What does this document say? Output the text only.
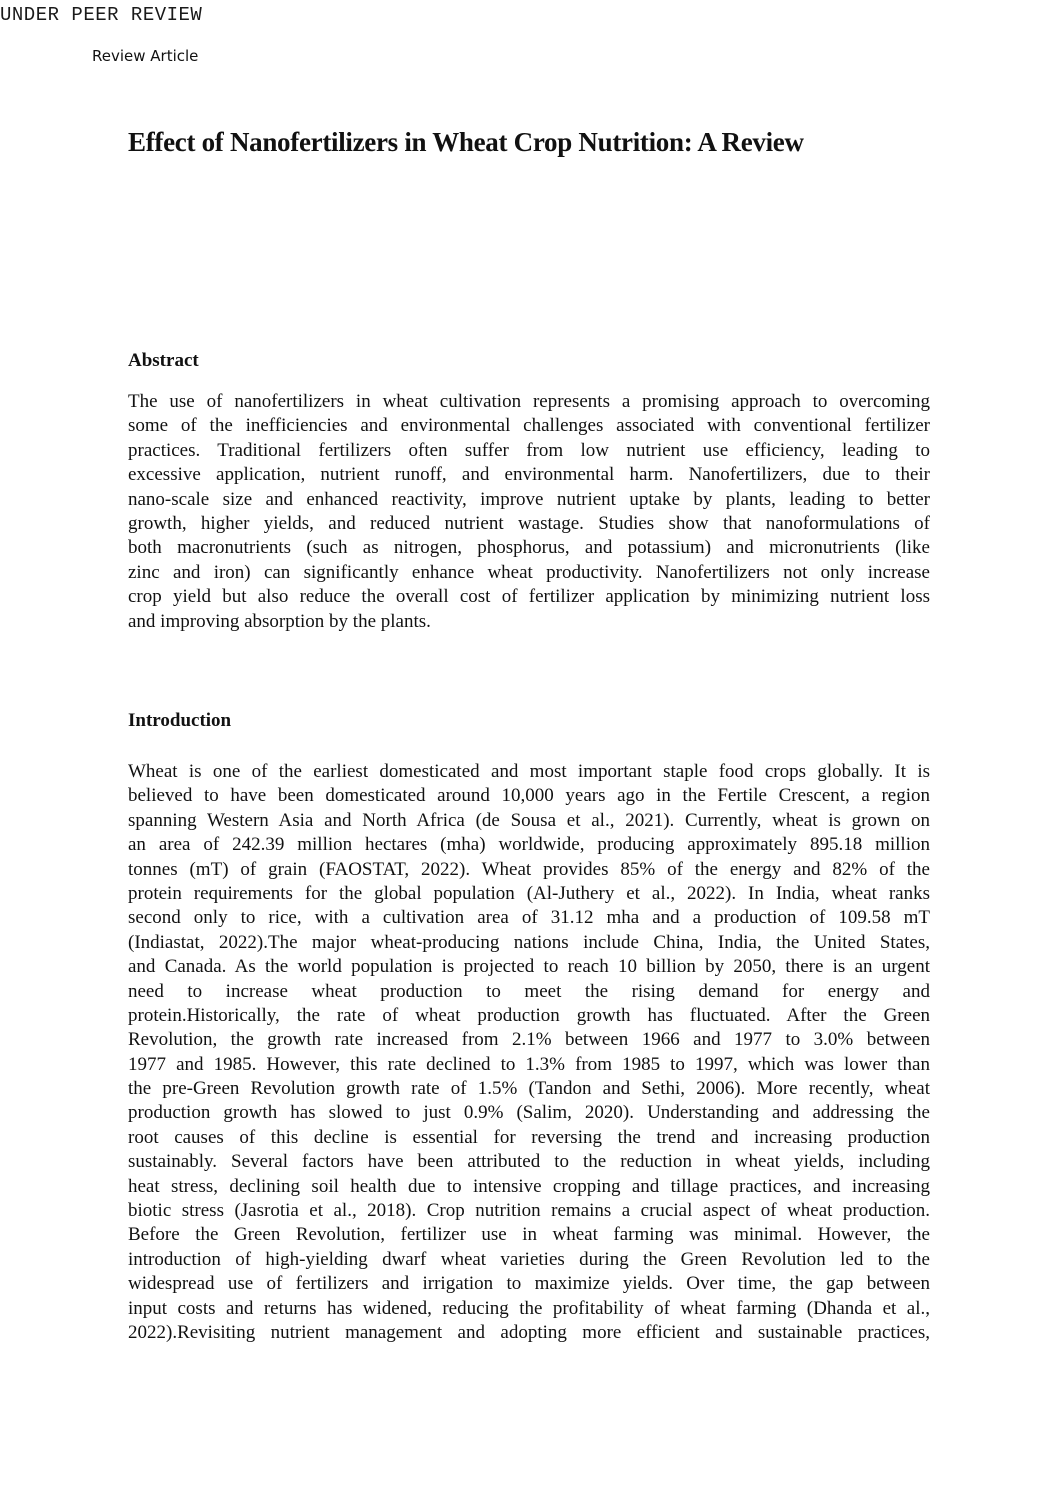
UNDER PEER REVIEW
Review Article
Effect of Nanofertilizers in Wheat Crop Nutrition: A Review
Abstract
The use of nanofertilizers in wheat cultivation represents a promising approach to overcoming
some of the inefficiencies and environmental challenges associated with conventional fertilizer
practices. Traditional fertilizers often suffer from low nutrient use efficiency, leading to
excessive application, nutrient runoff, and environmental harm. Nanofertilizers, due to their
nano-scale size and enhanced reactivity, improve nutrient uptake by plants, leading to better
growth, higher yields, and reduced nutrient wastage. Studies show that nanoformulations of
both macronutrients (such as nitrogen, phosphorus, and potassium) and micronutrients (like
zinc and iron) can significantly enhance wheat productivity. Nanofertilizers not only increase
crop yield but also reduce the overall cost of fertilizer application by minimizing nutrient loss
and improving absorption by the plants.
Introduction
Wheat is one of the earliest domesticated and most important staple food crops globally. It is
believed to have been domesticated around 10,000 years ago in the Fertile Crescent, a region
spanning Western Asia and North Africa (de Sousa et al., 2021). Currently, wheat is grown on
an area of 242.39 million hectares (mha) worldwide, producing approximately 895.18 million
tonnes (mT) of grain (FAOSTAT, 2022). Wheat provides 85% of the energy and 82% of the
protein requirements for the global population (Al-Juthery et al., 2022). In India, wheat ranks
second only to rice, with a cultivation area of 31.12 mha and a production of 109.58 mT
(Indiastat, 2022).The major wheat-producing nations include China, India, the United States,
and Canada. As the world population is projected to reach 10 billion by 2050, there is an urgent
need to increase wheat production to meet the rising demand for energy and
protein.Historically, the rate of wheat production growth has fluctuated. After the Green
Revolution, the growth rate increased from 2.1% between 1966 and 1977 to 3.0% between
1977 and 1985. However, this rate declined to 1.3% from 1985 to 1997, which was lower than
the pre-Green Revolution growth rate of 1.5% (Tandon and Sethi, 2006). More recently, wheat
production growth has slowed to just 0.9% (Salim, 2020). Understanding and addressing the
root causes of this decline is essential for reversing the trend and increasing production
sustainably. Several factors have been attributed to the reduction in wheat yields, including
heat stress, declining soil health due to intensive cropping and tillage practices, and increasing
biotic stress (Jasrotia et al., 2018). Crop nutrition remains a crucial aspect of wheat production.
Before the Green Revolution, fertilizer use in wheat farming was minimal. However, the
introduction of high-yielding dwarf wheat varieties during the Green Revolution led to the
widespread use of fertilizers and irrigation to maximize yields. Over time, the gap between
input costs and returns has widened, reducing the profitability of wheat farming (Dhanda et al.,
2022).Revisiting nutrient management and adopting more efficient and sustainable practices,
